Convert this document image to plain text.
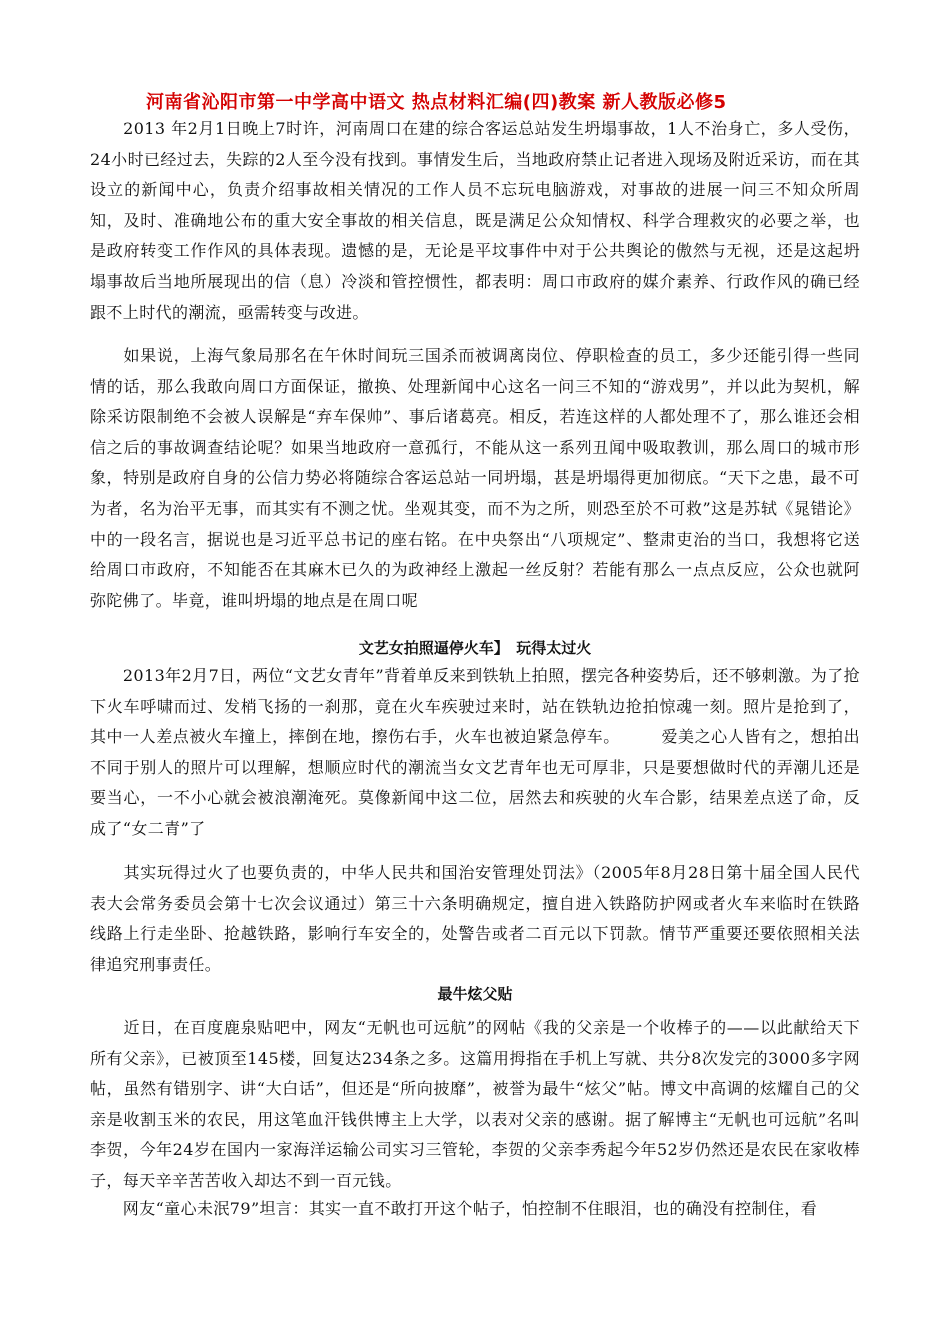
河南省沁阳市第一中学高中语文 热点材料汇编(四)教案 新人教版必修5

　　2013 年2月1日晚上7时许，河南周口在建的综合客运总站发生坍塌事故，1人不治身亡，多人受伤，24小时已经过去，失踪的2人至今没有找到。事情发生后，当地政府禁止记者进入现场及附近采访，而在其设立的新闻中心，负责介绍事故相关情况的工作人员不忘玩电脑游戏，对事故的进展一问三不知众所周知，及时、准确地公布的重大安全事故的相关信息，既是满足公众知情权、科学合理救灾的必要之举，也是政府转变工作作风的具体表现。遗憾的是，无论是平坟事件中对于公共舆论的傲然与无视，还是这起坍塌事故后当地所展现出的信（息）冷淡和管控惯性，都表明：周口市政府的媒介素养、行政作风的确已经跟不上时代的潮流，亟需转变与改进。

　　如果说，上海气象局那名在午休时间玩三国杀而被调离岗位、停职检查的员工，多少还能引得一些同情的话，那么我敢向周口方面保证，撤换、处理新闻中心这名一问三不知的“游戏男”，并以此为契机，解除采访限制绝不会被人误解是“弃车保帅”、事后诸葛亮。相反，若连这样的人都处理不了，那么谁还会相信之后的事故调查结论呢？如果当地政府一意孤行，不能从这一系列丑闻中吸取教训，那么周口的城市形象，特别是政府自身的公信力势必将随综合客运总站一同坍塌，甚是坍塌得更加彻底。“天下之患，最不可为者，名为治平无事，而其实有不测之忧。坐观其变，而不为之所，则恐至於不可救”这是苏轼《晁错论》中的一段名言，据说也是习近平总书记的座右铭。在中央祭出“八项规定”、整肃吏治的当口，我想将它送给周口市政府，不知能否在其麻木已久的为政神经上激起一丝反射？若能有那么一点点反应，公众也就阿弥陀佛了。毕竟，谁叫坍塌的地点是在周口呢

文艺女拍照逼停火车】　玩得太过火

　　2013年2月7日，两位“文艺女青年”背着单反来到铁轨上拍照，摆完各种姿势后，还不够刺激。为了抢下火车呼啸而过、发梢飞扬的一刹那，竟在火车疾驶过来时，站在铁轨边抢拍惊魂一刻。照片是抢到了，其中一人差点被火车撞上，摔倒在地，擦伤右手，火车也被迫紧急停车。　　　爱美之心人皆有之，想拍出不同于别人的照片可以理解，想顺应时代的潮流当女文艺青年也无可厚非，只是要想做时代的弄潮儿还是要当心，一不小心就会被浪潮淹死。莫像新闻中这二位，居然去和疾驶的火车合影，结果差点送了命，反成了“女二青”了

　　其实玩得过火了也要负责的，中华人民共和国治安管理处罚法》（2005年8月28日第十届全国人民代表大会常务委员会第十七次会议通过）第三十六条明确规定，擅自进入铁路防护网或者火车来临时在铁路线路上行走坐卧、抢越铁路，影响行车安全的，处警告或者二百元以下罚款。情节严重要还要依照相关法律追究刑事责任。

最牛炫父贴

　　近日，在百度鹿泉贴吧中，网友“无帆也可远航”的网帖《我的父亲是一个收棒子的——以此献给天下所有父亲》，已被顶至145楼，回复达234条之多。这篇用拇指在手机上写就、共分8次发完的3000多字网帖，虽然有错别字、讲“大白话”，但还是“所向披靡”，被誉为最牛“炫父”帖。博文中高调的炫耀自己的父亲是收割玉米的农民，用这笔血汗钱供博主上大学，以表对父亲的感谢。据了解博主“无帆也可远航”名叫李贺，今年24岁在国内一家海洋运输公司实习三管轮，李贺的父亲李秀起今年52岁仍然还是农民在家收棒子，每天辛辛苦苦收入却达不到一百元钱。

　　网友“童心未泯79”坦言：其实一直不敢打开这个帖子，怕控制不住眼泪，也的确没有控制住，看
